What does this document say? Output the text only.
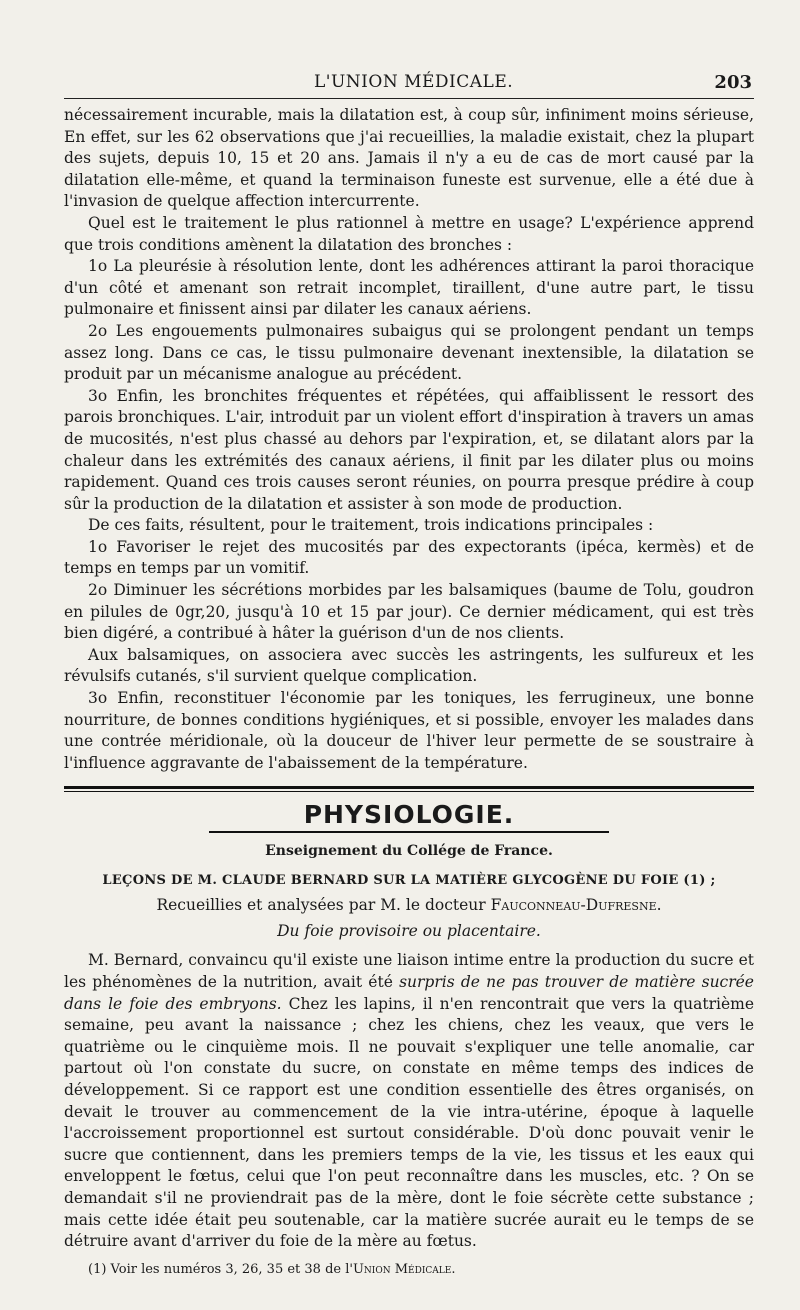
L'UNION MÉDICALE.	203

nécessairement incurable, mais la dilatation est, à coup sûr, infiniment moins sérieuse, En effet, sur les 62 observations que j'ai recueillies, la maladie existait, chez la plupart des sujets, depuis 10, 15 et 20 ans. Jamais il n'y a eu de cas de mort causé par la dilatation elle-même, et quand la terminaison funeste est survenue, elle a été due à l'invasion de quelque affection intercurrente.

Quel est le traitement le plus rationnel à mettre en usage? L'expérience apprend que trois conditions amènent la dilatation des bronches :

1o La pleurésie à résolution lente, dont les adhérences attirant la paroi thoracique d'un côté et amenant son retrait incomplet, tiraillent, d'une autre part, le tissu pulmonaire et finissent ainsi par dilater les canaux aériens.

2o Les engouements pulmonaires subaigus qui se prolongent pendant un temps assez long. Dans ce cas, le tissu pulmonaire devenant inextensible, la dilatation se produit par un mécanisme analogue au précédent.

3o Enfin, les bronchites fréquentes et répétées, qui affaiblissent le ressort des parois bronchiques. L'air, introduit par un violent effort d'inspiration à travers un amas de mucosités, n'est plus chassé au dehors par l'expiration, et, se dilatant alors par la chaleur dans les extrémités des canaux aériens, il finit par les dilater plus ou moins rapidement. Quand ces trois causes seront réunies, on pourra presque prédire à coup sûr la production de la dilatation et assister à son mode de production.

De ces faits, résultent, pour le traitement, trois indications principales :

1o Favoriser le rejet des mucosités par des expectorants (ipéca, kermès) et de temps en temps par un vomitif.

2o Diminuer les sécrétions morbides par les balsamiques (baume de Tolu, goudron en pilules de 0gr,20, jusqu'à 10 et 15 par jour). Ce dernier médicament, qui est très bien digéré, a contribué à hâter la guérison d'un de nos clients.

Aux balsamiques, on associera avec succès les astringents, les sulfureux et les révulsifs cutanés, s'il survient quelque complication.

3o Enfin, reconstituer l'économie par les toniques, les ferrugineux, une bonne nourriture, de bonnes conditions hygiéniques, et si possible, envoyer les malades dans une contrée méridionale, où la douceur de l'hiver leur permette de se soustraire à l'influence aggravante de l'abaissement de la température.

PHYSIOLOGIE.
Enseignement du Collége de France.
LEÇONS DE M. CLAUDE BERNARD SUR LA MATIÈRE GLYCOGÈNE DU FOIE (1) ;
Recueillies et analysées par M. le docteur Fauconneau-Dufresne.
Du foie provisoire ou placentaire.

M. Bernard, convaincu qu'il existe une liaison intime entre la production du sucre et les phénomènes de la nutrition, avait été surpris de ne pas trouver de matière sucrée dans le foie des embryons. Chez les lapins, il n'en rencontrait que vers la quatrième semaine, peu avant la naissance ; chez les chiens, chez les veaux, que vers le quatrième ou le cinquième mois. Il ne pouvait s'expliquer une telle anomalie, car partout où l'on constate du sucre, on constate en même temps des indices de développement. Si ce rapport est une condition essentielle des êtres organisés, on devait le trouver au commencement de la vie intra-utérine, époque à laquelle l'accroissement proportionnel est surtout considérable. D'où donc pouvait venir le sucre que contiennent, dans les premiers temps de la vie, les tissus et les eaux qui enveloppent le fœtus, celui que l'on peut reconnaître dans les muscles, etc. ? On se demandait s'il ne proviendrait pas de la mère, dont le foie sécrète cette substance ; mais cette idée était peu soutenable, car la matière sucrée aurait eu le temps de se détruire avant d'arriver du foie de la mère au fœtus.

(1) Voir les numéros 3, 26, 35 et 38 de l'Union Médicale.
